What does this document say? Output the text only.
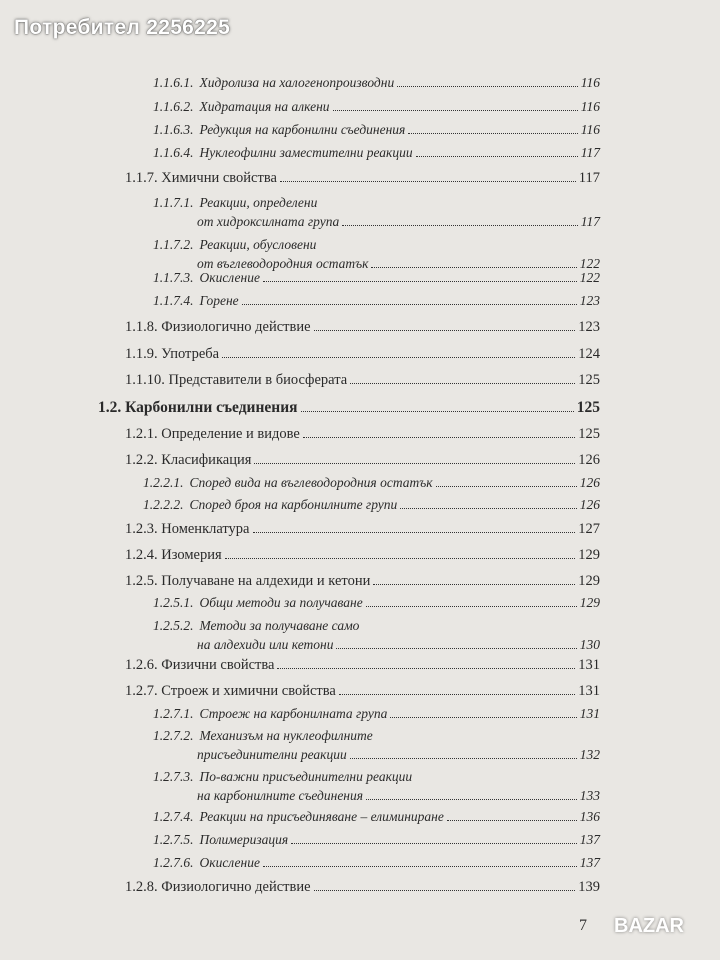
Потребител 2256225
1.1.6.1. Хидролиза на халогенопроизводни	116
1.1.6.2. Хидратация на алкени	116
1.1.6.3. Редукция на карбонилни съединения	116
1.1.6.4. Нуклеофилни заместителни реакции	117
1.1.7. Химични свойства	117
1.1.7.1. Реакции, определени
от хидроксилната група	117
1.1.7.2. Реакции, обусловени
от въглеводородния остатък	122
1.1.7.3. Окисление	122
1.1.7.4. Горене	123
1.1.8. Физиологично действие	123
1.1.9. Употреба	124
1.1.10. Представители в биосферата	125
1.2. Карбонилни съединения	125
1.2.1. Определение и видове	125
1.2.2. Класификация	126
1.2.2.1. Според вида на въглеводородния остатък	126
1.2.2.2. Според броя на карбонилните групи	126
1.2.3. Номенклатура	127
1.2.4. Изомерия	129
1.2.5. Получаване на алдехиди и кетони	129
1.2.5.1. Общи методи за получаване	129
1.2.5.2. Методи за получаване само
на алдехиди или кетони	130
1.2.6. Физични свойства	131
1.2.7. Строеж и химични свойства	131
1.2.7.1. Строеж на карбонилната група	131
1.2.7.2. Механизъм на нуклеофилните
присъединителни реакции	132
1.2.7.3. По-важни присъединителни реакции
на карбонилните съединения	133
1.2.7.4. Реакции на присъединяване – елиминиране	136
1.2.7.5. Полимеризация	137
1.2.7.6. Окисление	137
1.2.8. Физиологично действие	139
7 BAZAR
